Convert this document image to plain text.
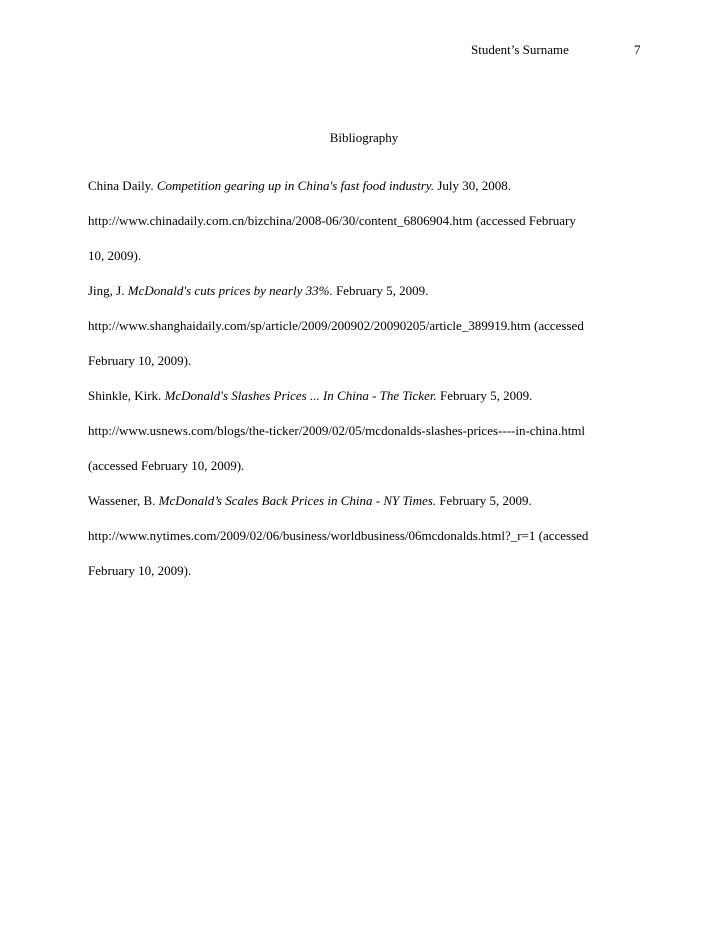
Student’s Surname	7
Bibliography
China Daily. Competition gearing up in China's fast food industry. July 30, 2008.
http://www.chinadaily.com.cn/bizchina/2008-06/30/content_6806904.htm (accessed February
10, 2009).
Jing, J. McDonald's cuts prices by nearly 33%. February 5, 2009.
http://www.shanghaidaily.com/sp/article/2009/200902/20090205/article_389919.htm (accessed
February 10, 2009).
Shinkle, Kirk. McDonald's Slashes Prices ... In China - The Ticker. February 5, 2009.
http://www.usnews.com/blogs/the-ticker/2009/02/05/mcdonalds-slashes-prices----in-china.html
(accessed February 10, 2009).
Wassener, B. McDonald’s Scales Back Prices in China - NY Times. February 5, 2009.
http://www.nytimes.com/2009/02/06/business/worldbusiness/06mcdonalds.html?_r=1 (accessed
February 10, 2009).
